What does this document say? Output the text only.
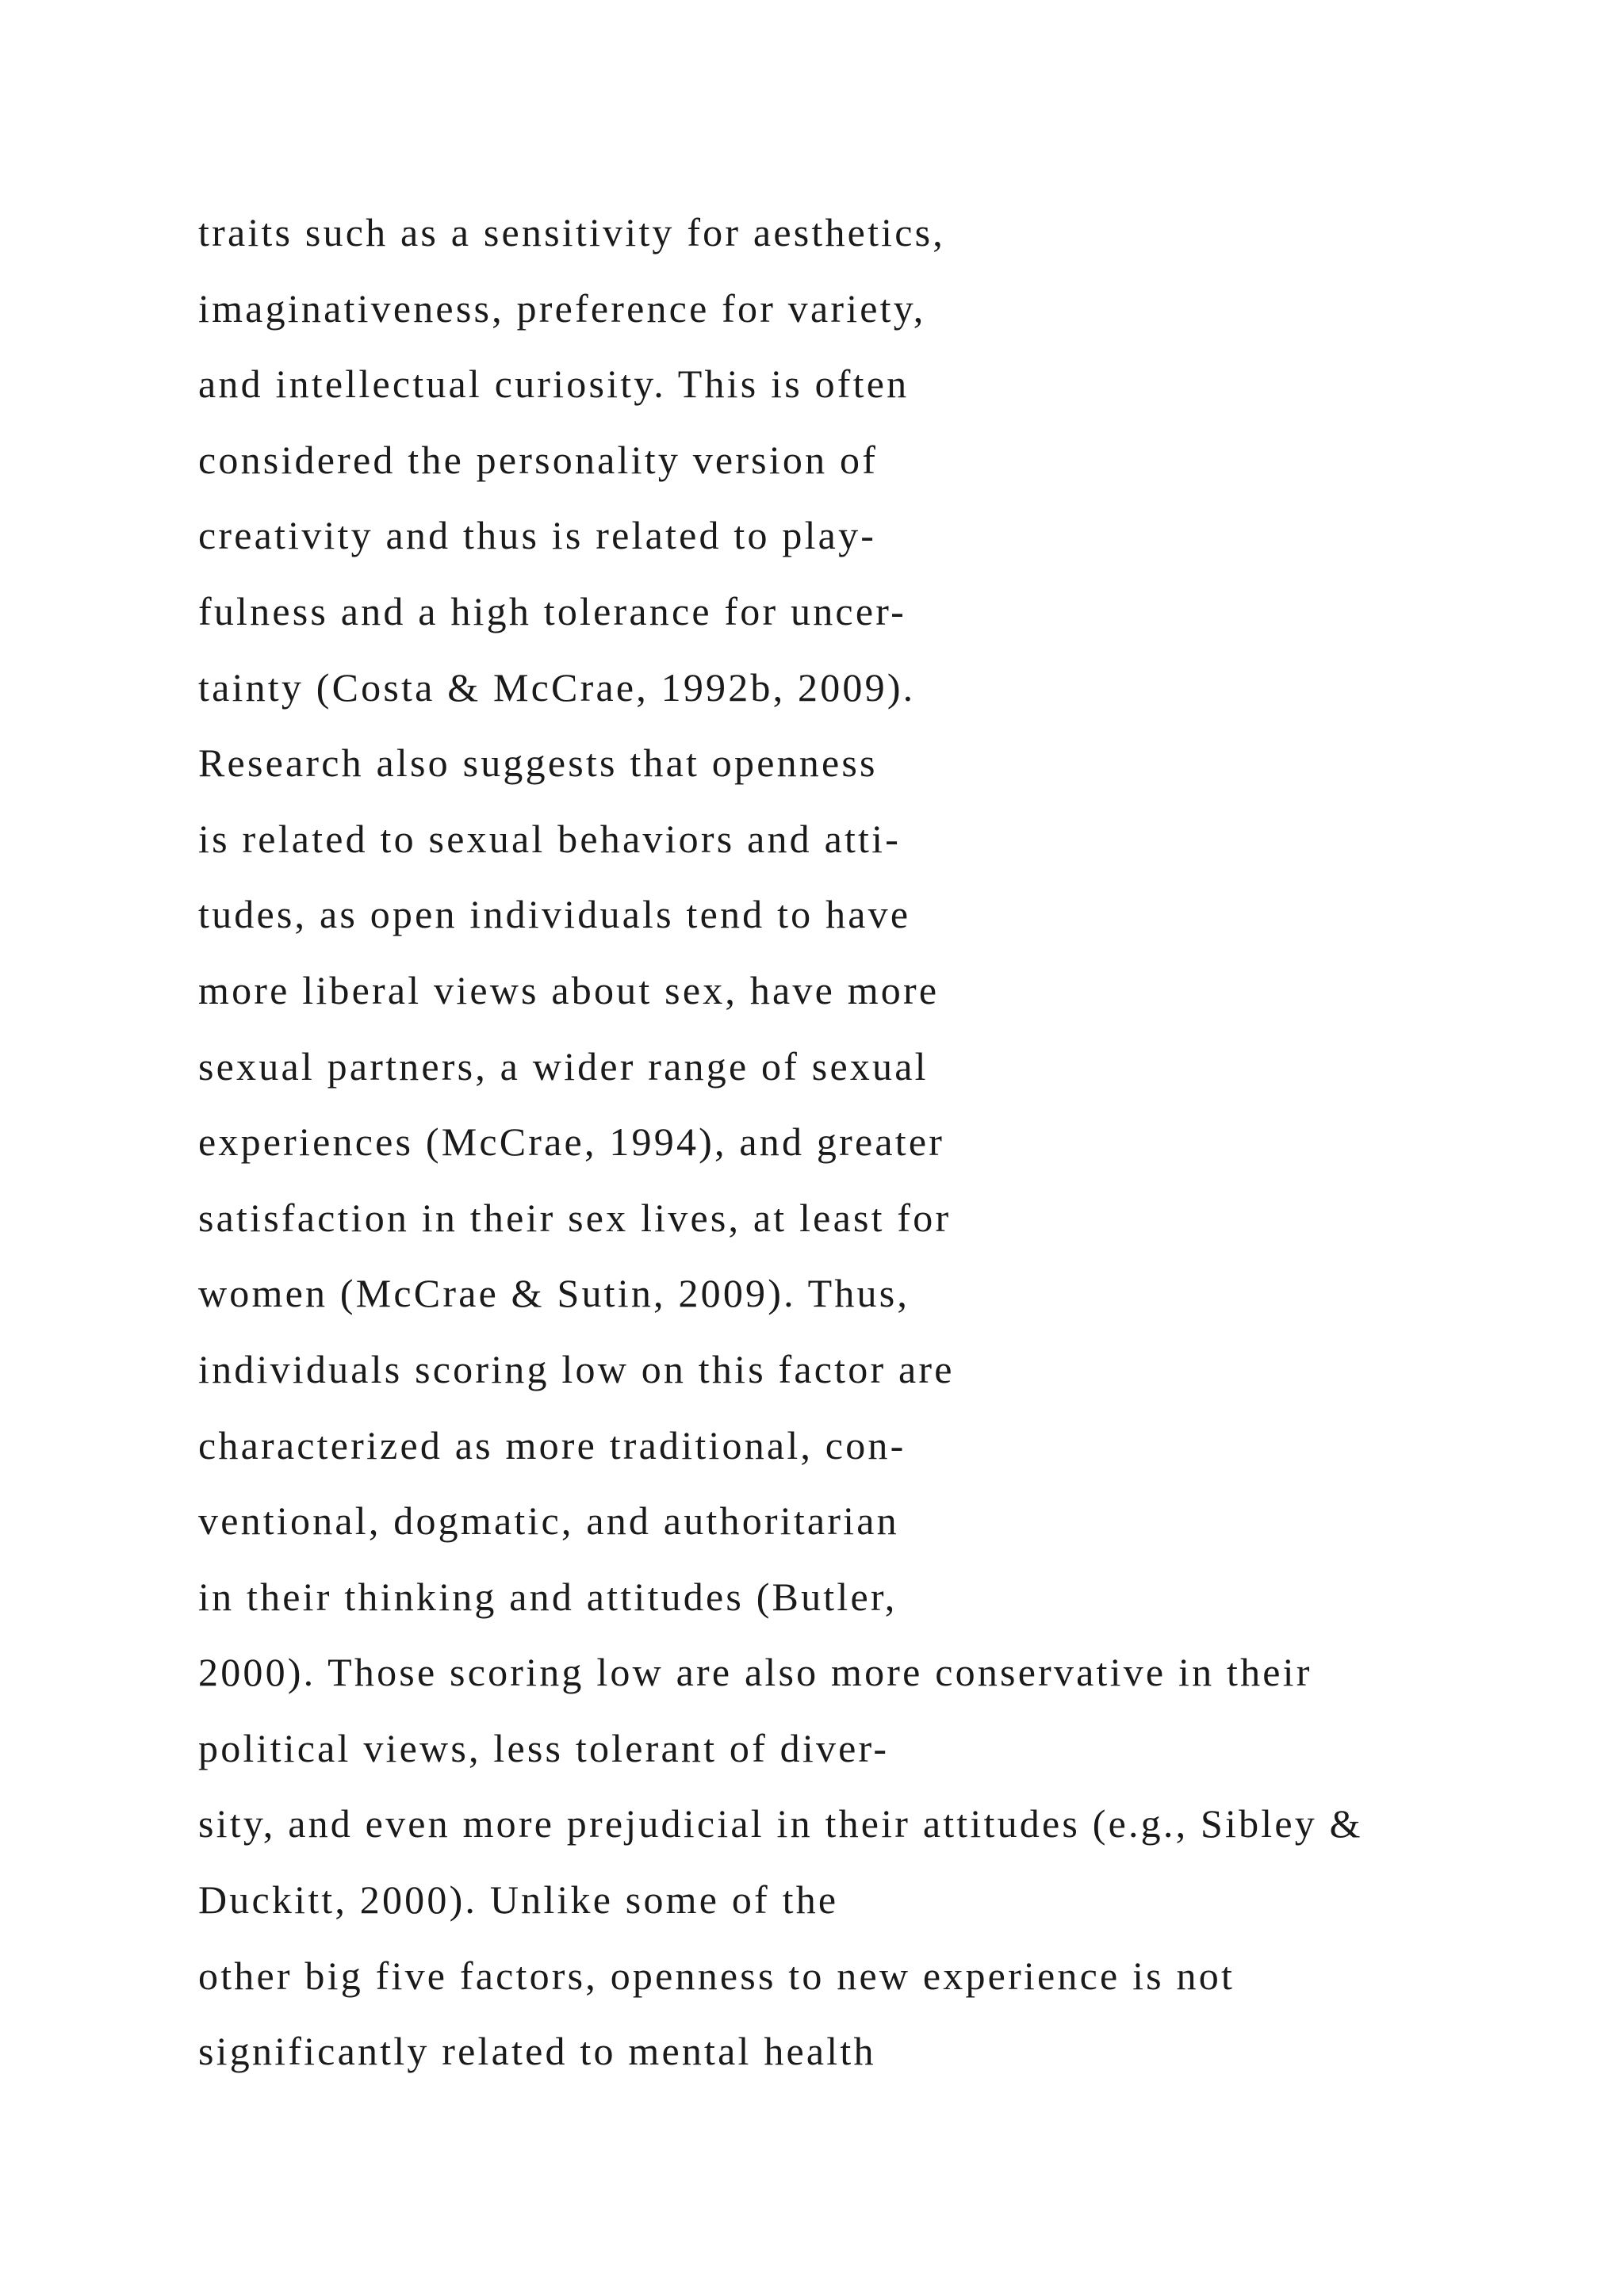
traits such as a sensitivity for aesthetics,
imaginativeness, preference for variety,
and intellectual curiosity. This is often
considered the personality version of
creativity and thus is related to play-
fulness and a high tolerance for uncer-
tainty (Costa & McCrae, 1992b, 2009).
Research also suggests that openness
is related to sexual behaviors and atti-
tudes, as open individuals tend to have
more liberal views about sex, have more
sexual partners, a wider range of sexual
experiences (McCrae, 1994), and greater
satisfaction in their sex lives, at least for
women (McCrae & Sutin, 2009). Thus,
individuals scoring low on this factor are
characterized as more traditional, con-
ventional, dogmatic, and authoritarian
in their thinking and attitudes (Butler,
2000). Those scoring low are also more conservative in their
political views, less tolerant of diver-
sity, and even more prejudicial in their attitudes (e.g., Sibley &
Duckitt, 2000). Unlike some of the
other big five factors, openness to new experience is not
significantly related to mental health
